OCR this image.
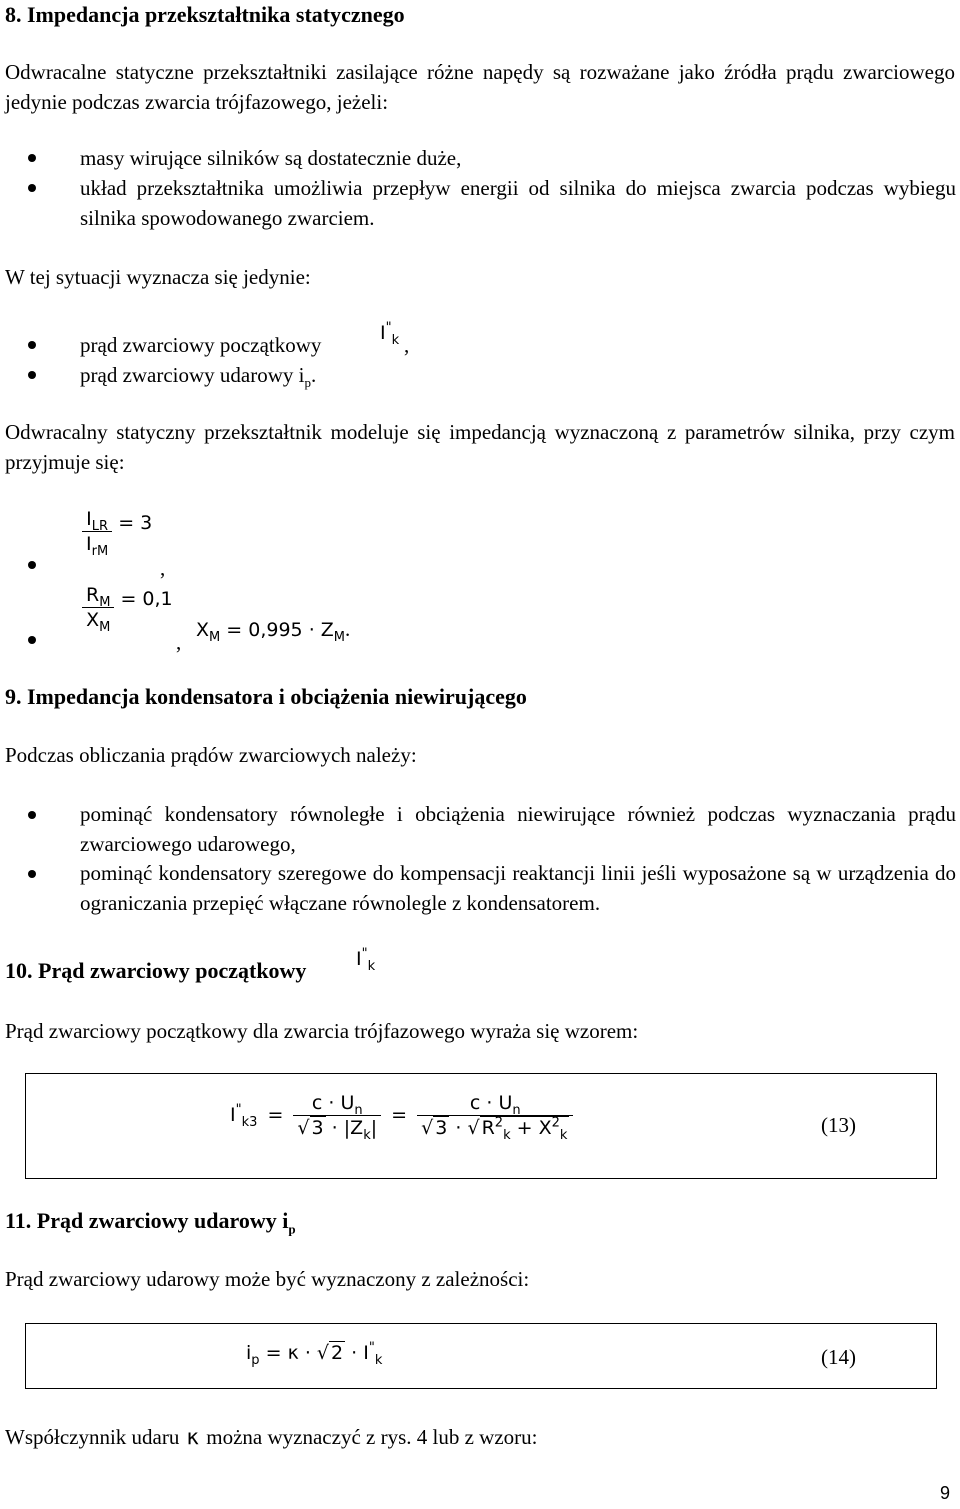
8. Impedancja przekształtnika statycznego
Odwracalne statyczne przekształtniki zasilające różne napędy są rozważane jako źródła prądu zwarciowego jedynie podczas zwarcia trójfazowego, jeżeli:
masy wirujące silników są dostatecznie duże,
układ przekształtnika umożliwia przepływ energii od silnika do miejsca zwarcia podczas wybiegu silnika spowodowanego zwarciem.
W tej sytuacji wyznacza się jedynie:
prąd zwarciowy początkowy	$I^"_k$ ,
prąd zwarciowy udarowy $i_p$.
Odwracalny statyczny przekształtnik modeluje się impedancją wyznaczoną z parametrów silnika, przy czym przyjmuje się:
$\frac{I_{LR}}{I_{rM}} = 3$
,
$\frac{R_M}{X_M} = 0,1$
, $X_M = 0,995 \cdot Z_M$.
9. Impedancja kondensatora i obciążenia niewirującego
Podczas obliczania prądów zwarciowych należy:
pominąć kondensatory równoległe i obciążenia niewirujące również podczas wyznaczania prądu zwarciowego udarowego,
pominąć kondensatory szeregowe do kompensacji reaktancji linii jeśli wyposażone są w urządzenia do ograniczania przepięć włączane równolegle z kondensatorem.
10. Prąd zwarciowy początkowy	$I^"_k$
Prąd zwarciowy początkowy dla zwarcia trójfazowego wyraża się wzorem:
$I^"_{k3} = \frac{c \cdot U_n}{√ 3 \cdot |Z_k|} = \frac{c \cdot U_n}{√ 3 \cdot √ R^2_k + X^2_k}$	(13)
11. Prąd zwarciowy udarowy $i_p$
Prąd zwarciowy udarowy może być wyznaczony z zależności:
$i_p = \kappa$ · √ $2 \cdot I^"_k$	(14)
Współczynnik udaru κ można wyznaczyć z rys. 4 lub z wzoru:
9
